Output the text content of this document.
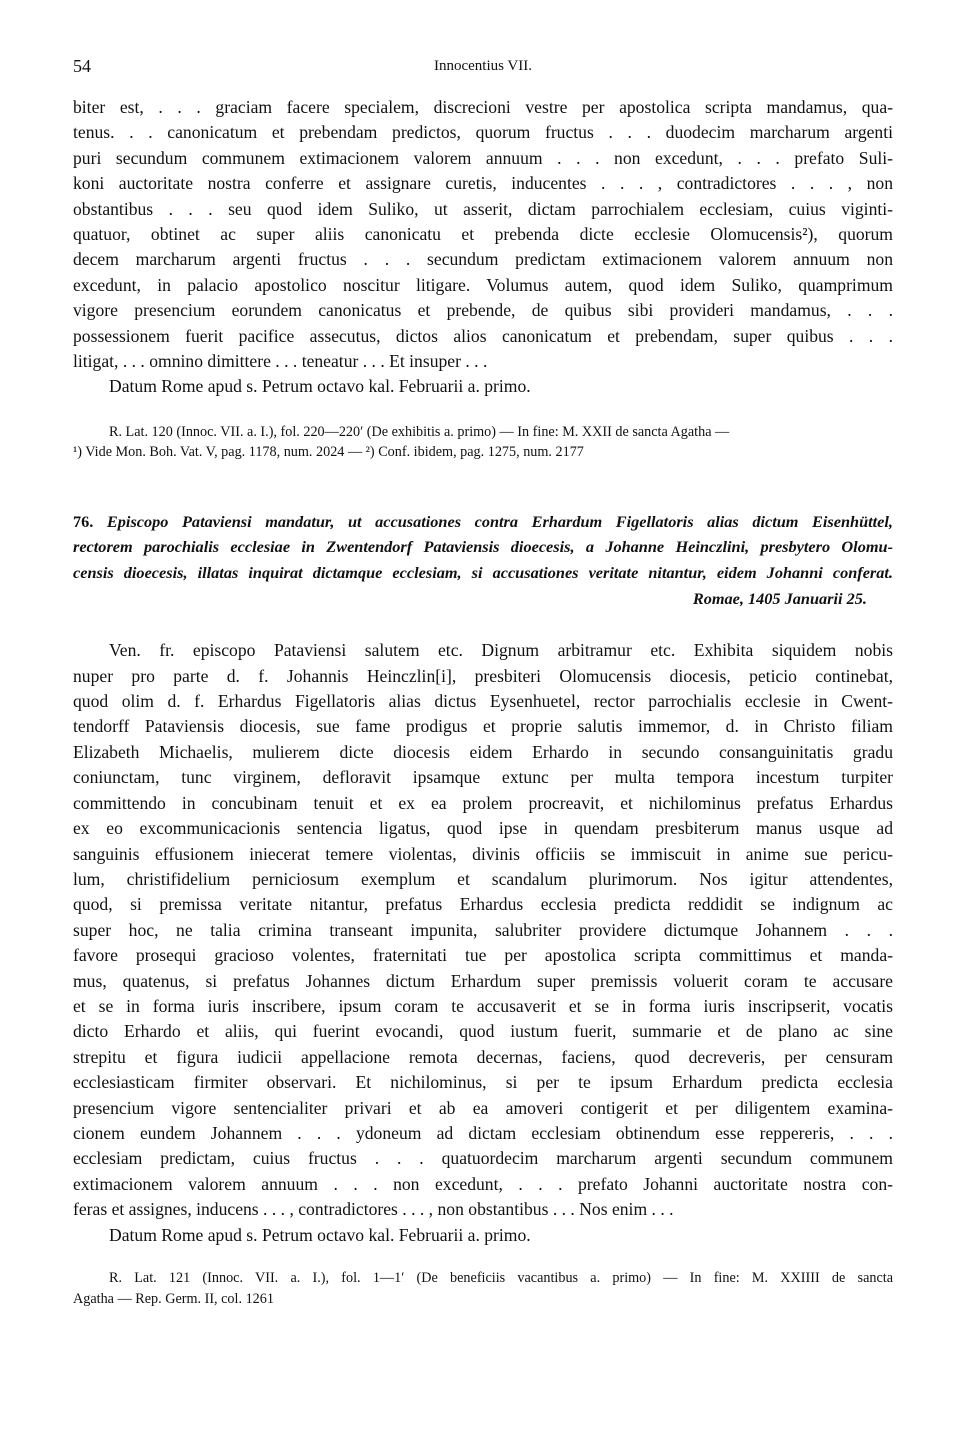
54	Innocentius VII.

biter est, . . . graciam facere specialem, discrecioni vestre per apostolica scripta mandamus, qua-
tenus. . . canonicatum et prebendam predictos, quorum fructus . . . duodecim marcharum argenti
puri secundum communem extimacionem valorem annuum . . . non excedunt, . . . prefato Suli-
koni auctoritate nostra conferre et assignare curetis, inducentes . . . , contradictores . . . , non
obstantibus . . . seu quod idem Suliko, ut asserit, dictam parrochialem ecclesiam, cuius viginti-
quatuor, obtinet ac super aliis canonicatu et prebenda dicte ecclesie Olomucensis²), quorum
decem marcharum argenti fructus . . . secundum predictam extimacionem valorem annuum non
excedunt, in palacio apostolico noscitur litigare. Volumus autem, quod idem Suliko, quamprimum
vigore presencium eorundem canonicatus et prebende, de quibus sibi provideri mandamus, . . .
possessionem fuerit pacifice assecutus, dictos alios canonicatum et prebendam, super quibus . . .
litigat, . . . omnino dimittere . . . teneatur . . . Et insuper . . .
Datum Rome apud s. Petrum octavo kal. Februarii a. primo.

R. Lat. 120 (Innoc. VII. a. I.), fol. 220—220′ (De exhibitis a. primo) — In fine: M. XXII de sancta Agatha —
¹) Vide Mon. Boh. Vat. V, pag. 1178, num. 2024 — ²) Conf. ibidem, pag. 1275, num. 2177
76. Episcopo Pataviensi mandatur, ut accusationes contra Erhardum Figellatoris alias dictum Eisenhüttel,
rectorem parochialis ecclesiae in Zwentendorf Pataviensis dioecesis, a Johanne Heinczlini, presbytero Olomu-
censis dioecesis, illatas inquirat dictamque ecclesiam, si accusationes veritate nitantur, eidem Johanni conferat.
Romae, 1405 Januarii 25.

Ven. fr. episcopo Pataviensi salutem etc. Dignum arbitramur etc. Exhibita siquidem nobis
nuper pro parte d. f. Johannis Heinczlin[i], presbiteri Olomucensis diocesis, peticio continebat,
quod olim d. f. Erhardus Figellatoris alias dictus Eysenhuetel, rector parrochialis ecclesie in Cwent-
tendorff Pataviensis diocesis, sue fame prodigus et proprie salutis immemor, d. in Christo filiam
Elizabeth Michaelis, mulierem dicte diocesis eidem Erhardo in secundo consanguinitatis gradu
coniunctam, tunc virginem, defloravit ipsamque extunc per multa tempora incestum turpiter
committendo in concubinam tenuit et ex ea prolem procreavit, et nichilominus prefatus Erhardus
ex eo excommunicacionis sentencia ligatus, quod ipse in quendam presbiterum manus usque ad
sanguinis effusionem iniecerat temere violentas, divinis officiis se immiscuit in anime sue pericu-
lum, christifidelium perniciosum exemplum et scandalum plurimorum. Nos igitur attendentes,
quod, si premissa veritate nitantur, prefatus Erhardus ecclesia predicta reddidit se indignum ac
super hoc, ne talia crimina transeant impunita, salubriter providere dictumque Johannem . . .
favore prosequi gracioso volentes, fraternitati tue per apostolica scripta committimus et manda-
mus, quatenus, si prefatus Johannes dictum Erhardum super premissis voluerit coram te accusare
et se in forma iuris inscribere, ipsum coram te accusaverit et se in forma iuris inscripserit, vocatis
dicto Erhardo et aliis, qui fuerint evocandi, quod iustum fuerit, summarie et de plano ac sine
strepitu et figura iudicii appellacione remota decernas, faciens, quod decreveris, per censuram
ecclesiasticam firmiter observari. Et nichilominus, si per te ipsum Erhardum predicta ecclesia
presencium vigore sentencialiter privari et ab ea amoveri contigerit et per diligentem examina-
cionem eundem Johannem . . . ydoneum ad dictam ecclesiam obtinendum esse reppereris, . . .
ecclesiam predictam, cuius fructus . . . quatuordecim marcharum argenti secundum communem
extimacionem valorem annuum . . . non excedunt, . . . prefato Johanni auctoritate nostra con-
feras et assignes, inducens . . . , contradictores . . . , non obstantibus . . . Nos enim . . .
Datum Rome apud s. Petrum octavo kal. Februarii a. primo.

R. Lat. 121 (Innoc. VII. a. I.), fol. 1—1′ (De beneficiis vacantibus a. primo) — In fine: M. XXIIII de sancta
Agatha — Rep. Germ. II, col. 1261
